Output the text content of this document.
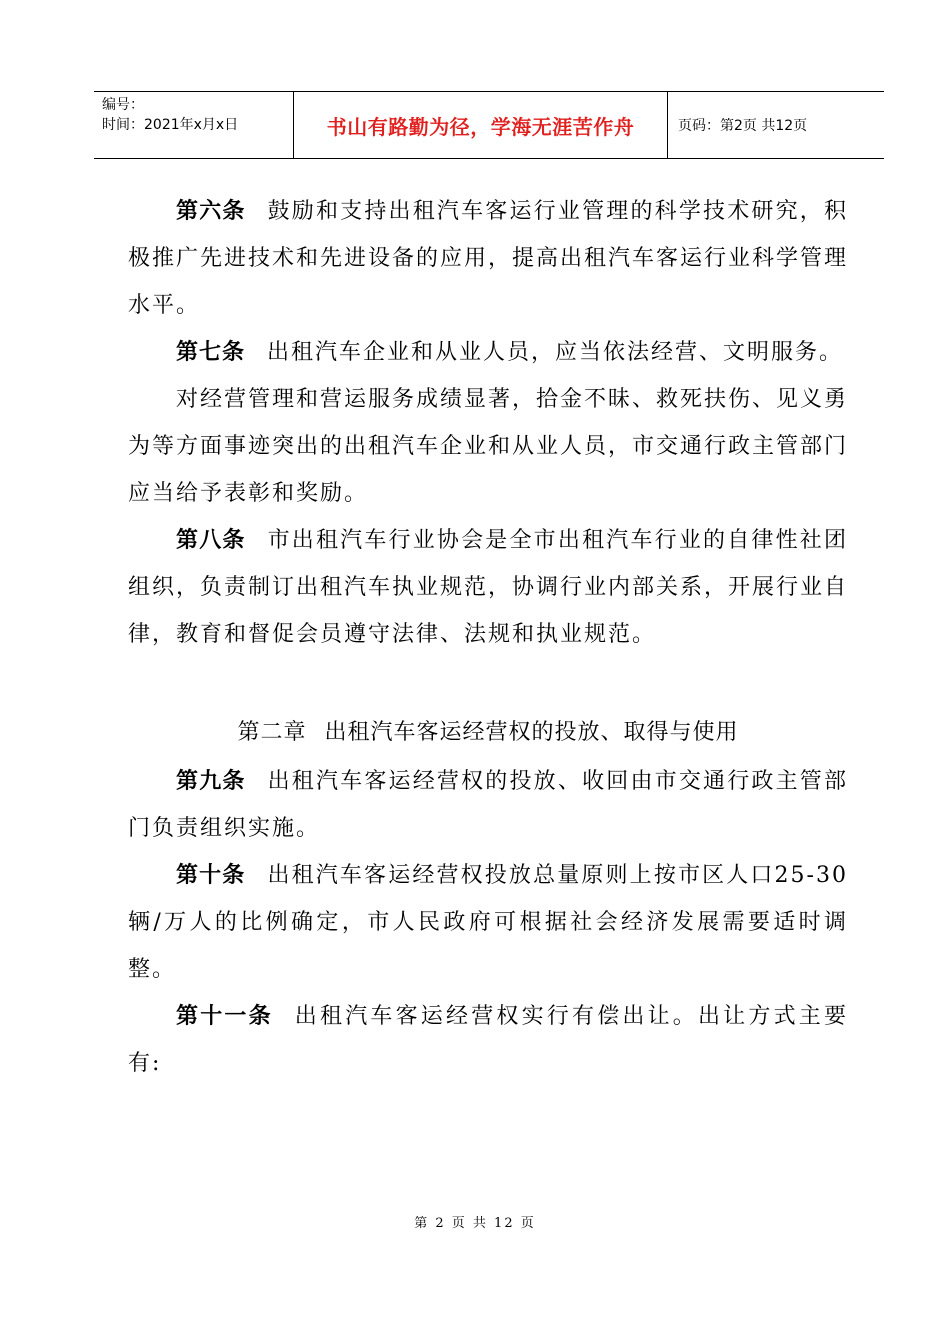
编号：
时间：2021年x月x日	书山有路勤为径，学海无涯苦作舟	页码：第2页 共12页

第六条 鼓励和支持出租汽车客运行业管理的科学技术研究，积极推广先进技术和先进设备的应用，提高出租汽车客运行业科学管理水平。

第七条 出租汽车企业和从业人员，应当依法经营、文明服务。

对经营管理和营运服务成绩显著，拾金不昧、救死扶伤、见义勇为等方面事迹突出的出租汽车企业和从业人员，市交通行政主管部门应当给予表彰和奖励。

第八条 市出租汽车行业协会是全市出租汽车行业的自律性社团组织，负责制订出租汽车执业规范，协调行业内部关系，开展行业自律，教育和督促会员遵守法律、法规和执业规范。

第二章 出租汽车客运经营权的投放、取得与使用

第九条 出租汽车客运经营权的投放、收回由市交通行政主管部门负责组织实施。

第十条 出租汽车客运经营权投放总量原则上按市区人口25-30辆/万人的比例确定，市人民政府可根据社会经济发展需要适时调整。

第十一条 出租汽车客运经营权实行有偿出让。出让方式主要有:

第 2 页 共 12 页
